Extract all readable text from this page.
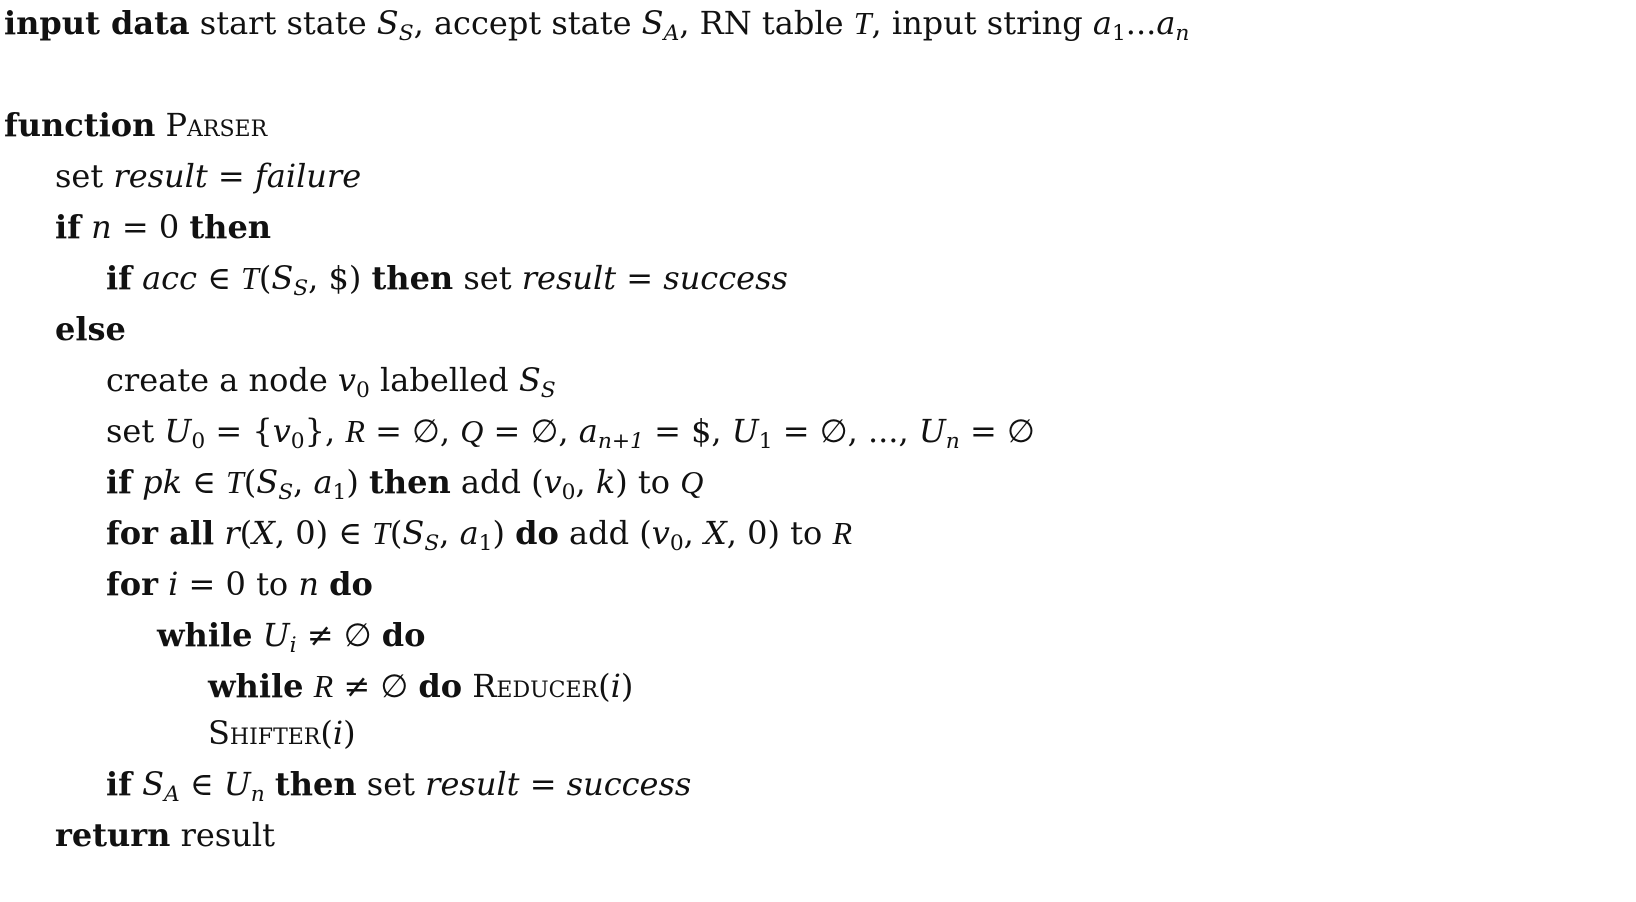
input data start state $S_S$, accept state $S_A$, RN table T, input string $a_1...a_n$
function Parser
set result = failure
if n = 0 then
if acc ∈ $T(S_S$, $) then set result = success
else
create a node $v_0$ labelled $S_S$
set $U_0 = \{v_0\}$, R = ∅, Q = ∅, $a_{n+1}$ = $, $U_1$ = ∅, ..., $U_n$ = ∅
if pk ∈ $T(S_S$, $a_1$) then add ($v_0$, k) to Q
for all r(X, 0) ∈ $T(S_S$, $a_1$) do add ($v_0$, X, 0) to R
for i = 0 to n do
while $U_i$ ≠ ∅ do
while R ≠ ∅ do Reducer(i)
Shifter(i)
if $S_A$ ∈ $U_n$ then set result = success
return result
